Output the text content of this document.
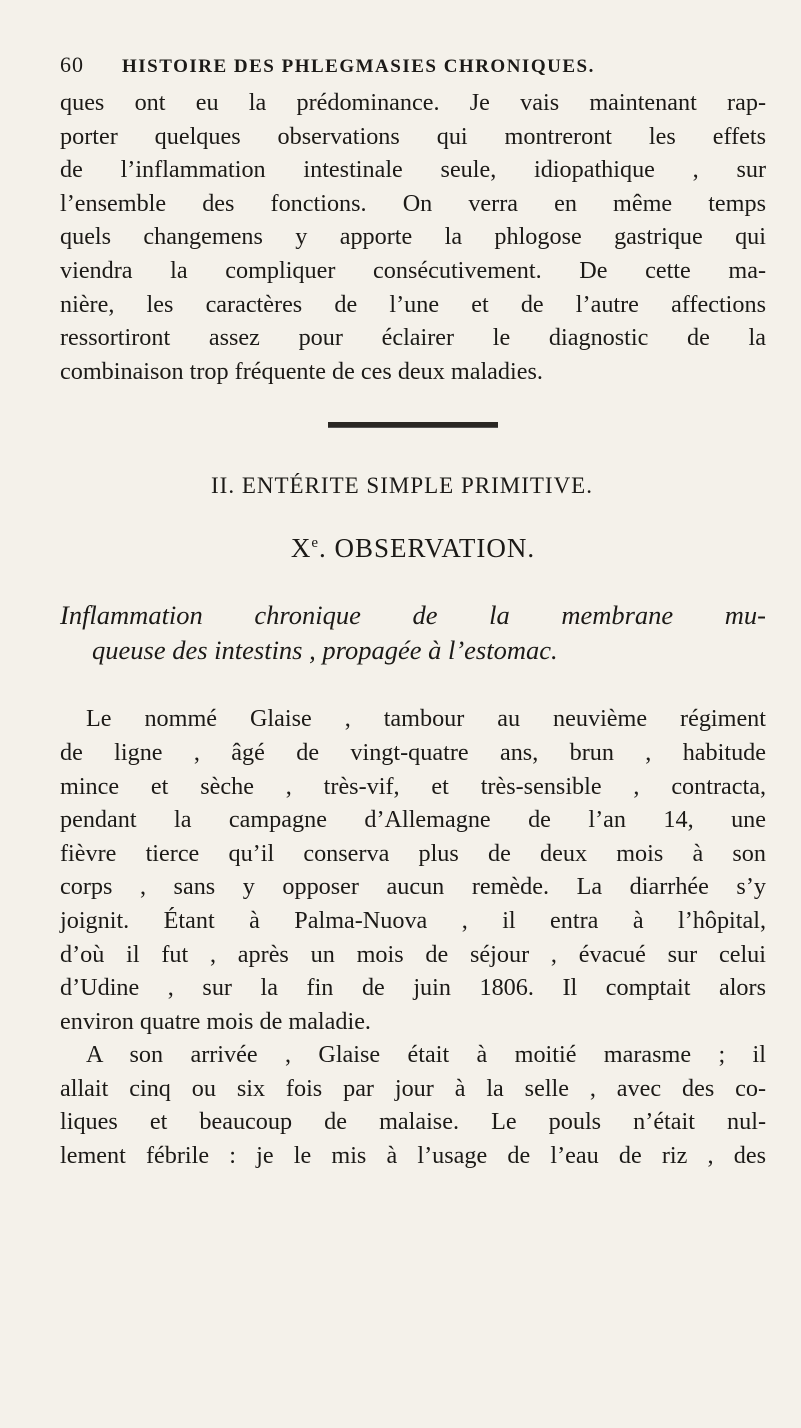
60	HISTOIRE DES PHLEGMASIES CHRONIQUES.

ques ont eu la prédominance. Je vais maintenant rap-
porter quelques observations qui montreront les effets
de l’inflammation intestinale seule, idiopathique , sur
l’ensemble des fonctions. On verra en même temps
quels changemens y apporte la phlogose gastrique qui
viendra la compliquer consécutivement. De cette ma-
nière, les caractères de l’une et de l’autre affections
ressortiront assez pour éclairer le diagnostic de la
combinaison trop fréquente de ces deux maladies.

II. ENTÉRITE SIMPLE PRIMITIVE.
Xe. OBSERVATION.
Inflammation chronique de la membrane mu-
queuse des intestins , propagée à l’estomac.

Le nommé Glaise , tambour au neuvième régiment
de ligne , âgé de vingt-quatre ans, brun , habitude
mince et sèche , très-vif, et très-sensible , contracta,
pendant la campagne d’Allemagne de l’an 14, une
fièvre tierce qu’il conserva plus de deux mois à son
corps , sans y opposer aucun remède. La diarrhée s’y
joignit. Étant à Palma-Nuova , il entra à l’hôpital,
d’où il fut , après un mois de séjour , évacué sur celui
d’Udine , sur la fin de juin 1806. Il comptait alors
environ quatre mois de maladie.

A son arrivée , Glaise était à moitié marasme ; il
allait cinq ou six fois par jour à la selle , avec des co-
liques et beaucoup de malaise. Le pouls n’était nul-
lement fébrile : je le mis à l’usage de l’eau de riz , des
